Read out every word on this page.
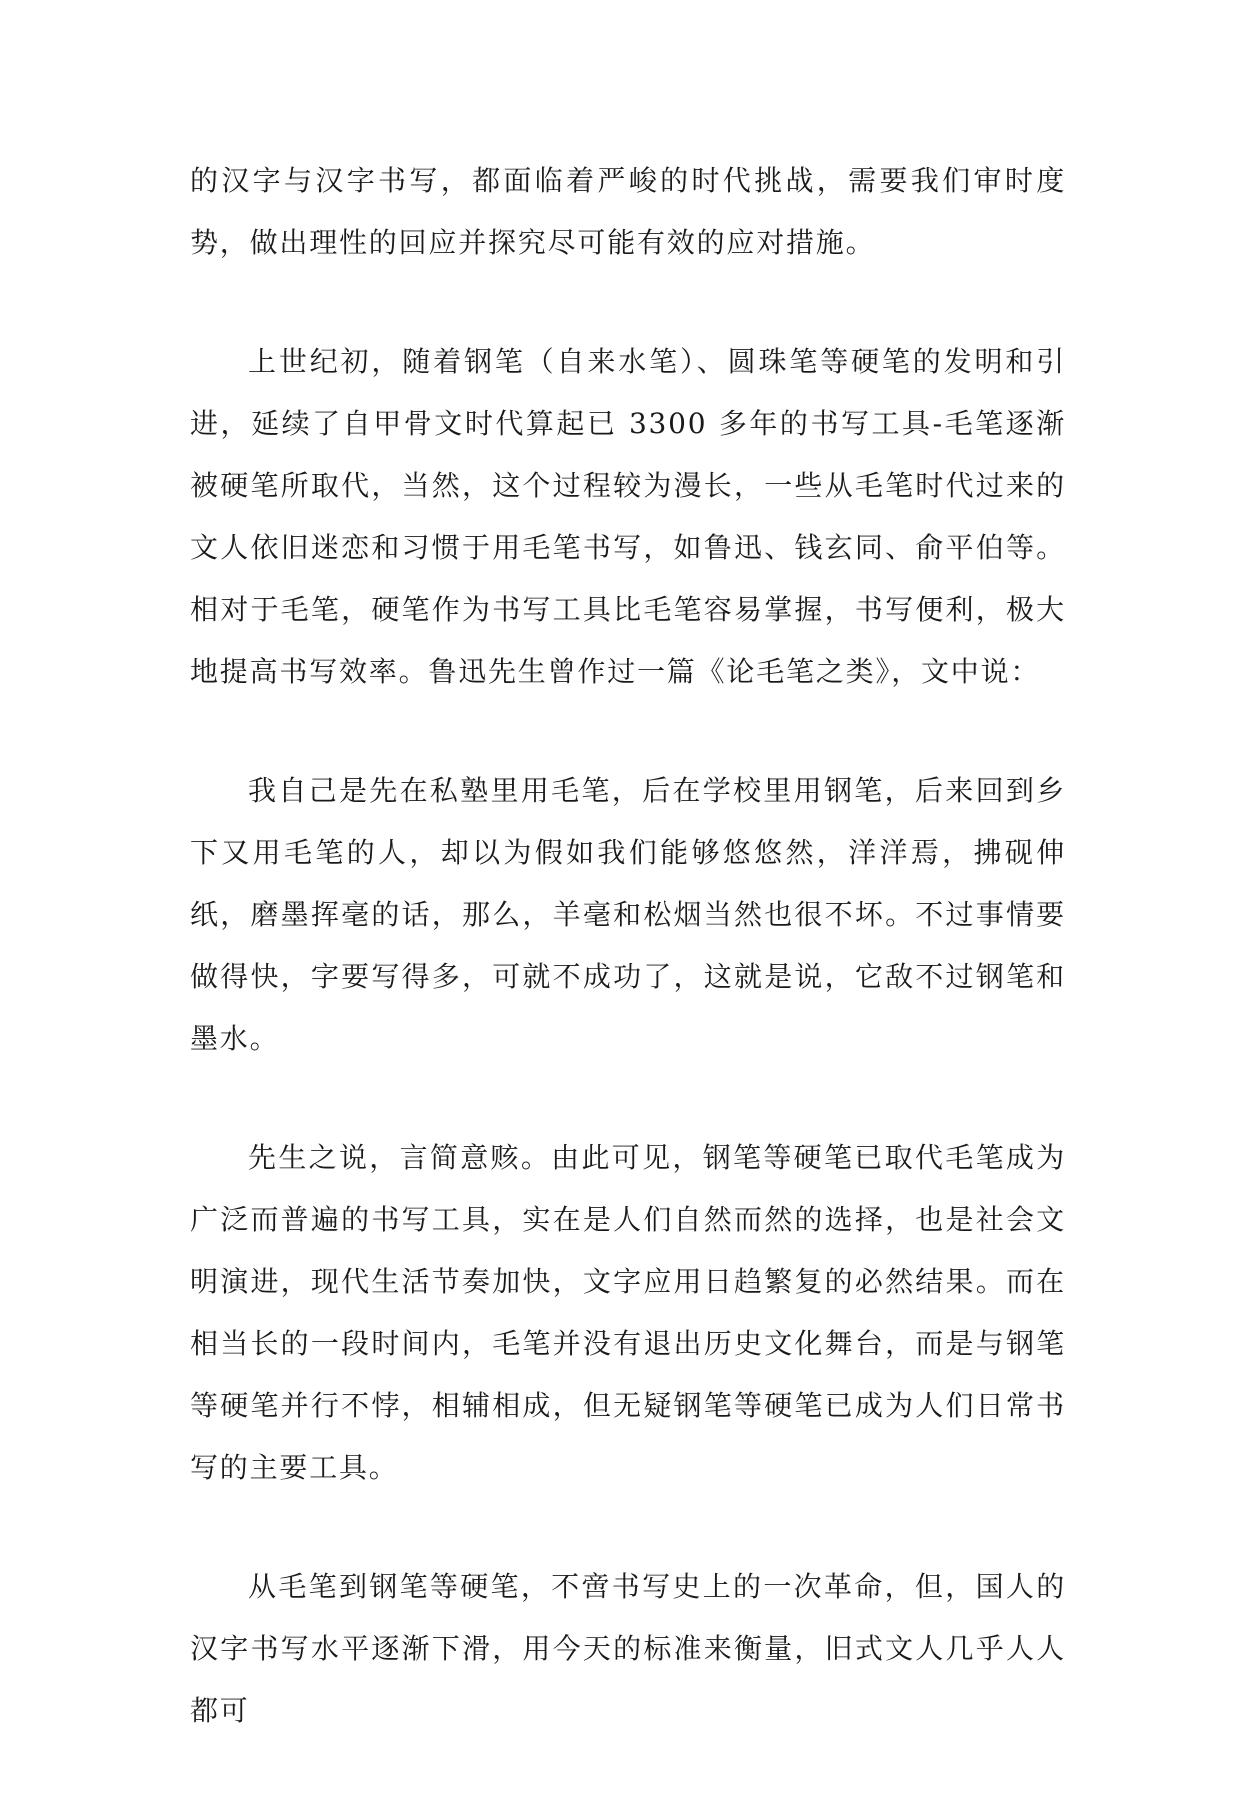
的汉字与汉字书写，都面临着严峻的时代挑战，需要我们审时度势，做出理性的回应并探究尽可能有效的应对措施。

上世纪初，随着钢笔（自来水笔）、圆珠笔等硬笔的发明和引进，延续了自甲骨文时代算起已 3300 多年的书写工具-毛笔逐渐被硬笔所取代，当然，这个过程较为漫长，一些从毛笔时代过来的文人依旧迷恋和习惯于用毛笔书写，如鲁迅、钱玄同、俞平伯等。相对于毛笔，硬笔作为书写工具比毛笔容易掌握，书写便利，极大地提高书写效率。鲁迅先生曾作过一篇《论毛笔之类》，文中说：

我自己是先在私塾里用毛笔，后在学校里用钢笔，后来回到乡下又用毛笔的人，却以为假如我们能够悠悠然，洋洋焉，拂砚伸纸，磨墨挥毫的话，那么，羊毫和松烟当然也很不坏。不过事情要做得快，字要写得多，可就不成功了，这就是说，它敌不过钢笔和墨水。

先生之说，言简意赅。由此可见，钢笔等硬笔已取代毛笔成为广泛而普遍的书写工具，实在是人们自然而然的选择，也是社会文明演进，现代生活节奏加快，文字应用日趋繁复的必然结果。而在相当长的一段时间内，毛笔并没有退出历史文化舞台，而是与钢笔等硬笔并行不悖，相辅相成，但无疑钢笔等硬笔已成为人们日常书写的主要工具。

从毛笔到钢笔等硬笔，不啻书写史上的一次革命，但，国人的汉字书写水平逐渐下滑，用今天的标准来衡量，旧式文人几乎人人都可
